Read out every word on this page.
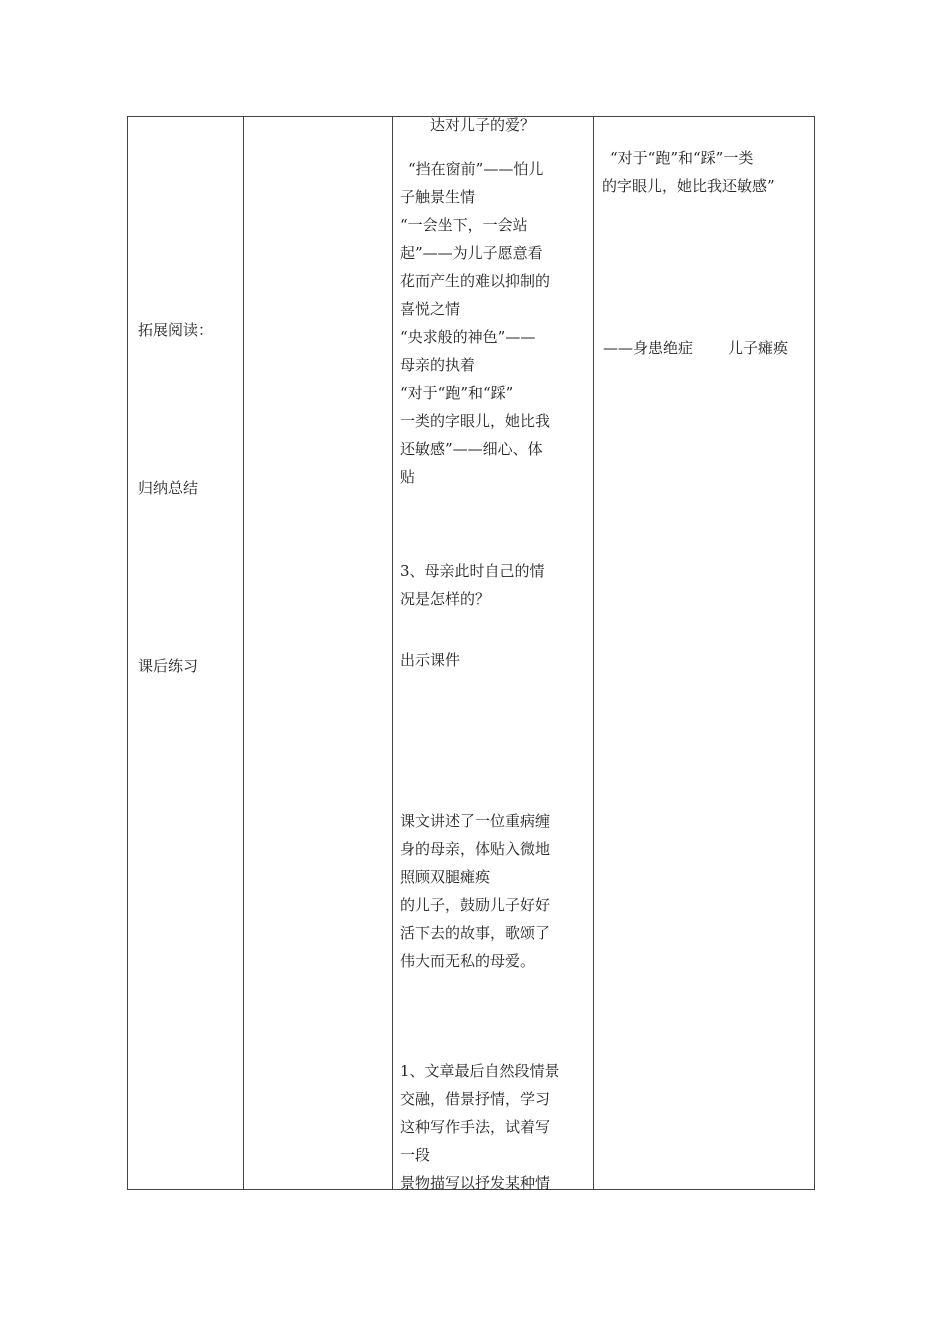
拓展阅读：
归纳总结
课后练习
达对儿子的爱？
“挡在窗前”——怕儿
子触景生情
“一会坐下，一会站
起”——为儿子愿意看
花而产生的难以抑制的
喜悦之情
“央求般的神色”——
母亲的执着
“对于“跑”和“踩”
一类的字眼儿，她比我
还敏感”——细心、体
贴
3、母亲此时自己的情
况是怎样的？
出示课件
课文讲述了一位重病缠
身的母亲，体贴入微地
照顾双腿瘫痪
的儿子，鼓励儿子好好
活下去的故事，歌颂了
伟大而无私的母爱。
1、文章最后自然段情景
交融，借景抒情，学习
这种写作手法，试着写
一段
景物描写以抒发某种情
“对于“跑”和“踩”一类
的字眼儿，她比我还敏感”
——身患绝症 儿子瘫痪
